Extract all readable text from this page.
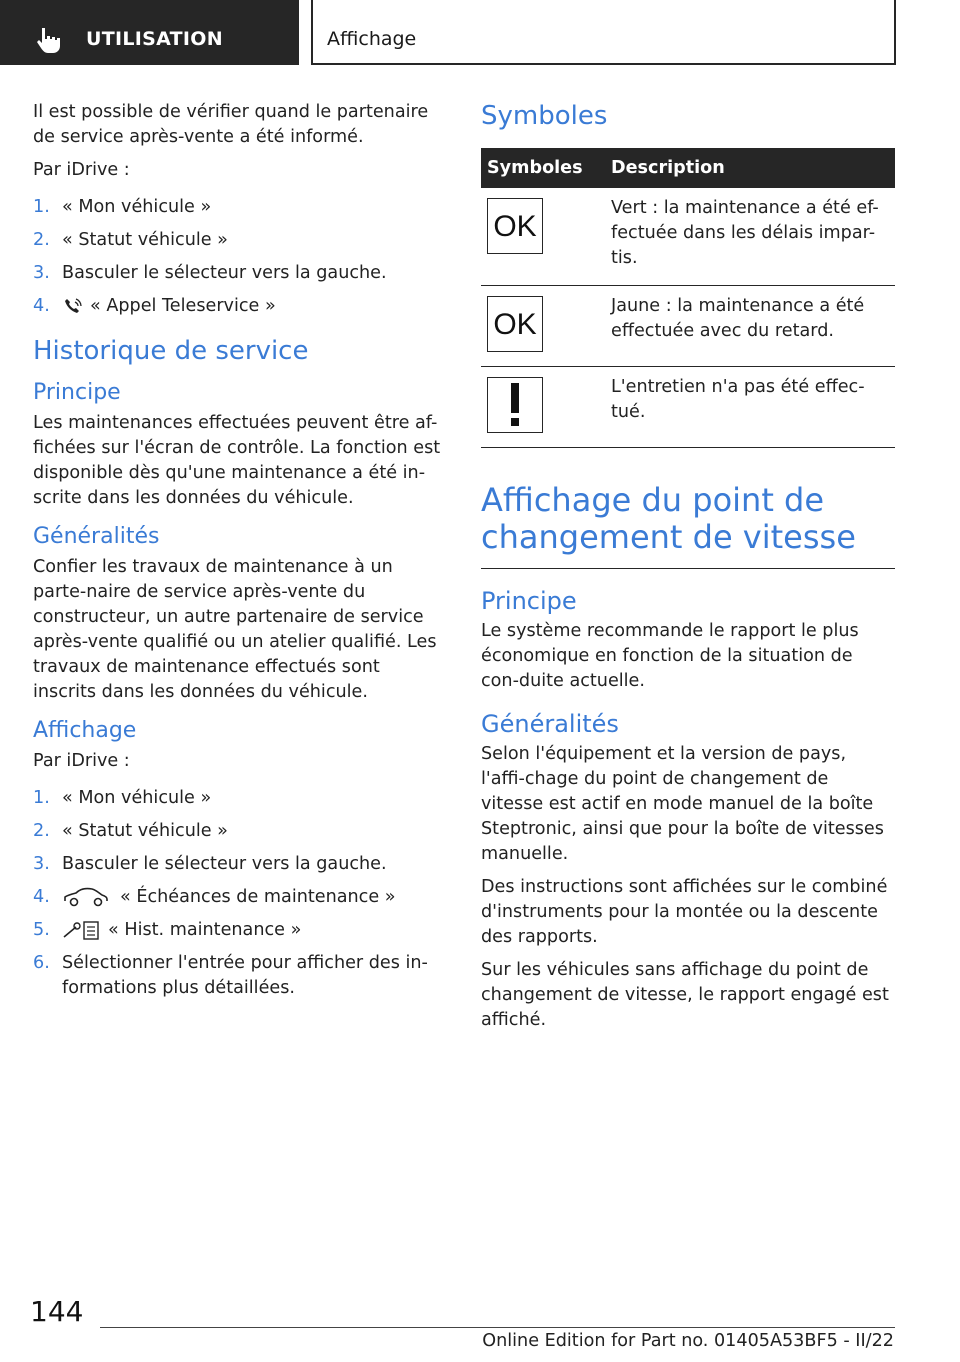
UTILISATION	Affichage

Il est possible de vérifier quand le partenaire de service après-vente a été informé.

Par iDrive :

1. « Mon véhicule »
2. « Statut véhicule »
3. Basculer le sélecteur vers la gauche.
4. « Appel Teleservice »
Historique de service
Principe

Les maintenances effectuées peuvent être af-fichées sur l'écran de contrôle. La fonction est disponible dès qu'une maintenance a été in-scrite dans les données du véhicule.

Généralités

Confier les travaux de maintenance à un parte-naire de service après-vente du constructeur, un autre partenaire de service après-vente qualifié ou un atelier qualifié. Les travaux de maintenance effectués sont inscrits dans les données du véhicule.

Affichage

Par iDrive :

1. « Mon véhicule »
2. « Statut véhicule »
3. Basculer le sélecteur vers la gauche.
4.	« Échéances de maintenance »
5.	« Hist. maintenance »
6. Sélectionner l'entrée pour afficher des in-formations plus détaillées.
Symboles
Symboles	Description

OK	Vert : la maintenance a été ef-fectuée dans les délais impar-tis.

OK	Jaune : la maintenance a été effectuée avec du retard.

	L'entretien n'a pas été effec-tué.
Affichage du point de changement de vitesse
Principe

Le système recommande le rapport le plus économique en fonction de la situation de con-duite actuelle.

Généralités

Selon l'équipement et la version de pays, l'affi-chage du point de changement de vitesse est actif en mode manuel de la boîte Steptronic, ainsi que pour la boîte de vitesses manuelle.

Des instructions sont affichées sur le combiné d'instruments pour la montée ou la descente des rapports.

Sur les véhicules sans affichage du point de changement de vitesse, le rapport engagé est affiché.

144
Online Edition for Part no. 01405A53BF5 - II/22
